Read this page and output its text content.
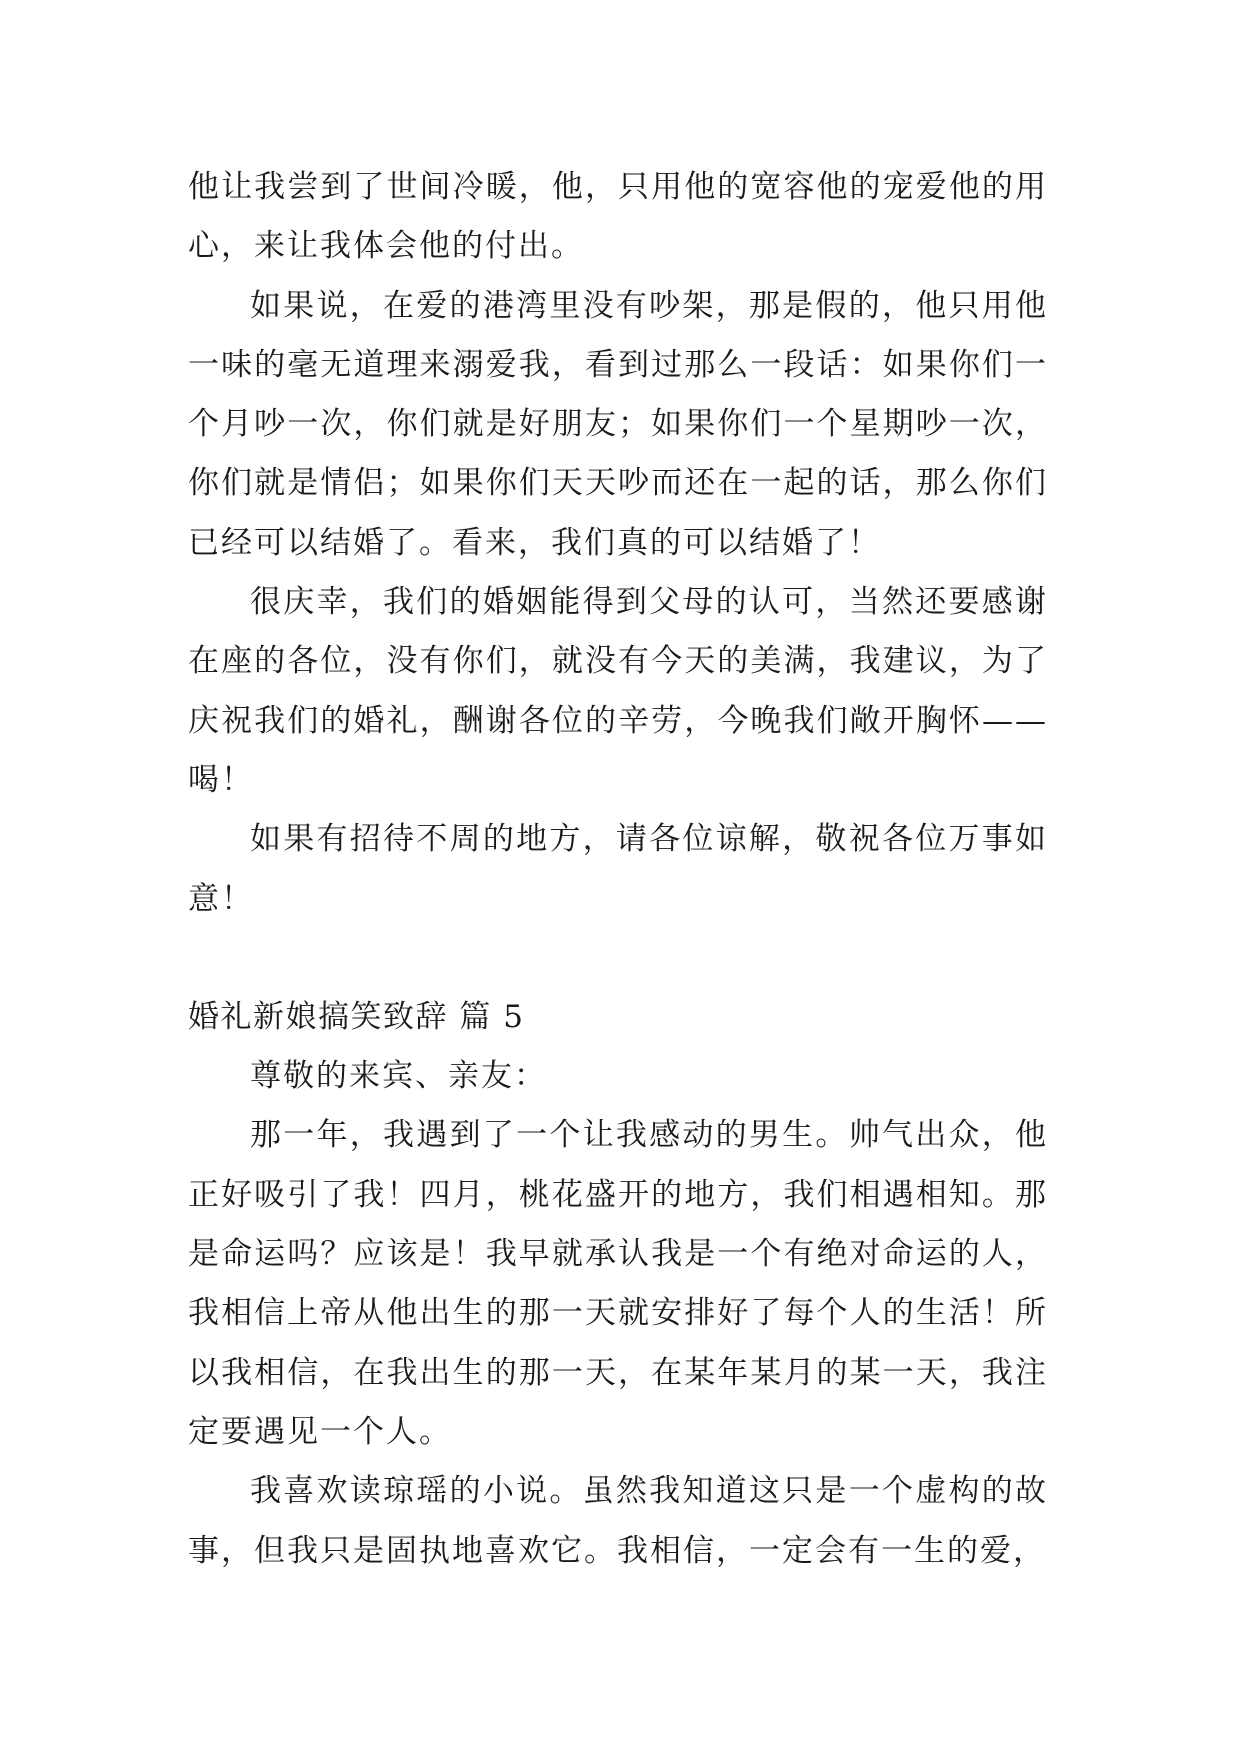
他让我尝到了世间冷暖，他，只用他的宽容他的宠爱他的用心，来让我体会他的付出。

如果说，在爱的港湾里没有吵架，那是假的，他只用他一味的毫无道理来溺爱我，看到过那么一段话：如果你们一个月吵一次，你们就是好朋友；如果你们一个星期吵一次，你们就是情侣；如果你们天天吵而还在一起的话，那么你们已经可以结婚了。看来，我们真的可以结婚了！

很庆幸，我们的婚姻能得到父母的认可，当然还要感谢在座的各位，没有你们，就没有今天的美满，我建议，为了庆祝我们的婚礼，酬谢各位的辛劳，今晚我们敞开胸怀——喝！

如果有招待不周的地方，请各位谅解，敬祝各位万事如意！

婚礼新娘搞笑致辞 篇 5

尊敬的来宾、亲友：

那一年，我遇到了一个让我感动的男生。帅气出众，他正好吸引了我！四月，桃花盛开的地方，我们相遇相知。那是命运吗？应该是！我早就承认我是一个有绝对命运的人，我相信上帝从他出生的那一天就安排好了每个人的生活！所以我相信，在我出生的那一天，在某年某月的某一天，我注定要遇见一个人。

我喜欢读琼瑶的小说。虽然我知道这只是一个虚构的故事，但我只是固执地喜欢它。我相信，一定会有一生的爱，
